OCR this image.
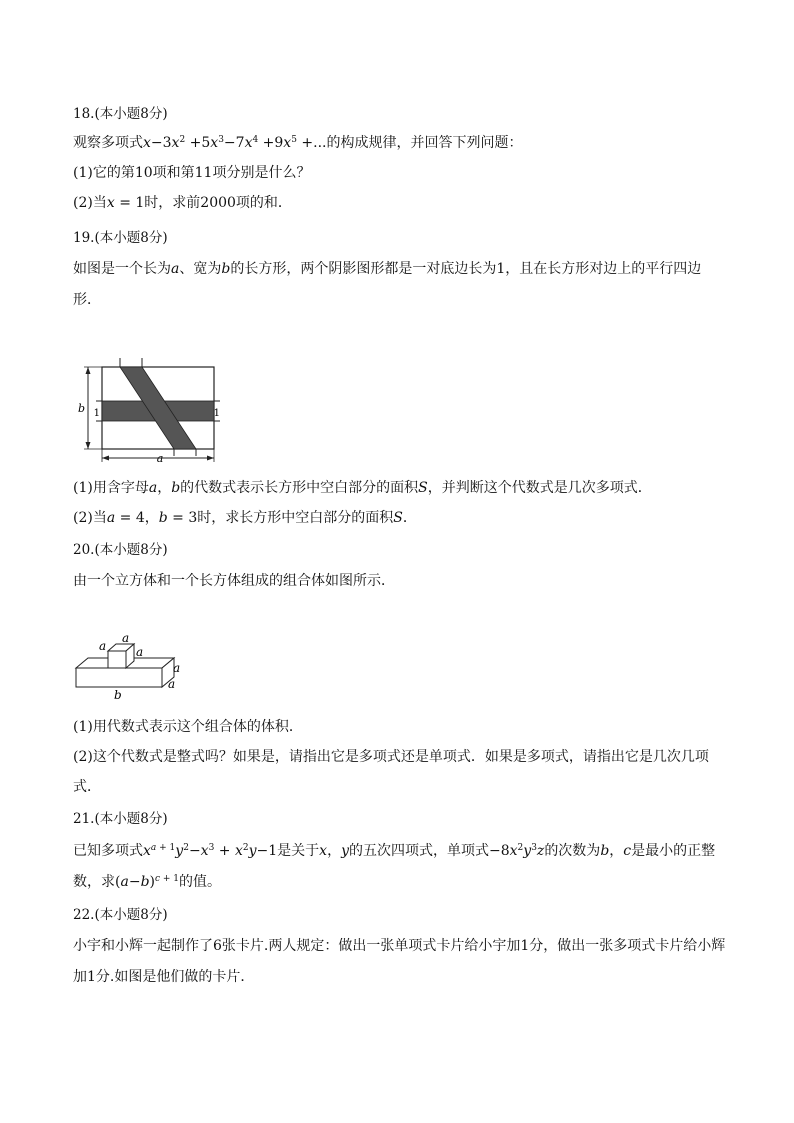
18.(本小题8分)
观察多项式$x-3x^2 +5x^3-7x^4 +9x^5$ +...的构成规律，并回答下列问题：
(1)它的第10项和第11项分别是什么？
(2)当x = 1时，求前2000项的和．
19.(本小题8分)
如图是一个长为a、宽为b的长方形，两个阴影图形都是一对底边长为1，且在长方形对边上的平行四边
形．
b 1	1
a
(1)用含字母a，b的代数式表示长方形中空白部分的面积S，并判断这个代数式是几次多项式．
(2)当a = 4，b = 3时，求长方形中空白部分的面积S．
20.(本小题8分)
由一个立方体和一个长方体组成的组合体如图所示．
a
a
a
a
a
b
(1)用代数式表示这个组合体的体积．
(2)这个代数式是整式吗？如果是，请指出它是多项式还是单项式．如果是多项式，请指出它是几次几项
式．
21.(本小题8分)
已知多项式$x^{a + 1}y^2-x^3 + x^2y-1$是关于x，y的五次四项式，单项式$-8x^2y^3z$的次数为b，c是最小的正整
数，求$(a-b)^{c + 1}$的值。
22.(本小题8分)
小宇和小辉一起制作了6张卡片.两人规定：做出一张单项式卡片给小宇加1分，做出一张多项式卡片给小辉
加1分.如图是他们做的卡片．
